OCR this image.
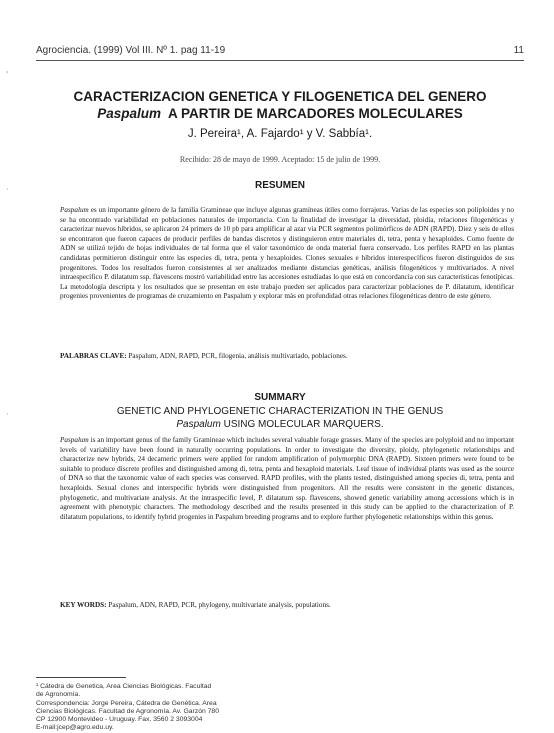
'
·
·
Agrociencia. (1999) Vol III. Nº 1. pag 11-19	11
CARACTERIZACION GENETICA Y FILOGENETICA DEL GENERO
Paspalum A PARTIR DE MARCADORES MOLECULARES
J. Pereira¹, A. Fajardo¹ y V. Sabbía¹.
Recibido: 28 de mayo de 1999. Aceptado: 15 de julio de 1999.
RESUMEN

Paspalum es un importante género de la familia Gramineae que incluye algunas gramíneas útiles como forrajeras. Varias de las especies son poliploides y no se ha encontrado variabilidad en poblaciones naturales de importancia. Con la finalidad de investigar la diversidad, ploidía, relaciones filogenéticas y caracterizar nuevos híbridos, se aplicaron 24 primers de 10 pb para amplificar al azar via PCR segmentos polimórficos de ADN (RAPD). Diez y seis de ellos se encontraron que fueron capaces de producir perfiles de bandas discretos y distinguieron entre materiales di, tetra, penta y hexaploides. Como fuente de ADN se utilizó tejido de hojas individuales de tal forma que el valor taxonómico de onda material fuera conservado. Los perfiles RAPD en las plantas candidatas permitieron distinguir entre las especies di, tetra, penta y hexaploides. Clones sexuales e híbridos interespecíficos fueron distinguidos de sus progenitores. Todos los resultados fueron consistentes al ser analizados mediante distancias genéticas, análisis filogenéticos y multivariados. A nivel intraespecífico P. dilatatum ssp. flavescens mostró variabilidad entre las accesiones estudiadas lo que está en concordancia con sus características fenotípicas. La metodología descripta y los resultados que se presentan en este trabajo pueden ser aplicados para caracterizar poblaciones de P. dilatatum, identificar progenies provenientes de programas de cruzamiento en Paspalum y explorar más en profundidad otras relaciones filogenéticas dentro de este género.

PALABRAS CLAVE: Paspalum, ADN, RAPD, PCR, filogenia, análisis multivariado, poblaciones.
SUMMARY
GENETIC AND PHYLOGENETIC CHARACTERIZATION IN THE GENUS
Paspalum USING MOLECULAR MARQUERS.

Paspalum is an important genus of the family Gramineae which includes several valuable forage grasses. Many of the species are polyploid and no important levels of variability have been found in naturally occurring populations. In order to investigate the diversity, ploidy, phylogenetic relationships and characterize new hybrids, 24 decameric primers were applied for random amplification of polymorphic DNA (RAPD). Sixteen primers were found to be suitable to produce discrete profiles and distinguished among di, tetra, penta and hexaploid materials. Leaf tissue of individual plants was used as the source of DNA so that the taxonomic value of each species was conserved. RAPD profiles, with the plants tested, distinguished among species di, tetra, penta and hexaploids. Sexual clones and interspecific hybrids were distinguished from progenitors. All the results were consistent in the genetic distances, phylogenetic, and multivariate analysis. At the intraspecific level, P. dilatatum ssp. flavescens, showed genetic variability among accessions which is in agreement with phenotypic characters. The methodology described and the results presented in this study can be applied to the characterization of P. dilatatum populations, to identify hybrid progenies in Paspalum breeding programs and to explore further phylogenetic relationships within this genus.

KEY WORDS: Paspalum, ADN, RAPD, PCR, phylogeny, multivariate analysis, populations.
¹ Cátedra de Genetica, Area Ciencias Biológicas. Facultad
de Agronomía.
Correspondencia: Jorge Pereira, Cátedra de Genética. Area
Ciencias Biológicas. Facultad de Agronomía. Av. Garzón 780
CP 12900 Montevideo - Uruguay. Fax. 3560 2 3093004
E-mail:jcep@agro.edu.uy.
